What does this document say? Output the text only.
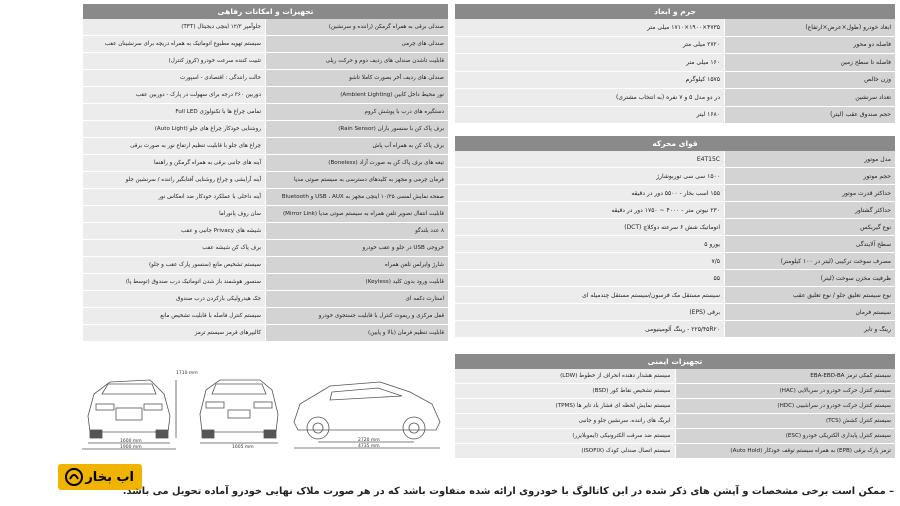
جرم و ابعاد
ابعاد خودرو (طول×عرض×ارتفاع)
۴۷۳۵×۱۹۰۰×۱۷۱۰ میلی متر
فاصله دو محور
۲۷۲۰ میلی متر
فاصله تا سطح زمین
۱۶۰ میلی متر
وزن خالص
۱۵۷۵ کیلوگرم
تعداد سرنشین
در دو مدل ۵ و ۷ نفره (به انتخاب مشتری)
حجم صندوق عقب (لیتر)
۱۶۸۰ لیتر
قوای محرکه
مدل موتور
E4T15C
حجم موتور
۱۵۰۰ سی سی توربوشارژ
حداکثر قدرت موتور
۱۵۵ اسب بخار - ۵۵۰۰ دور در دقیقه
حداکثر گشتاور
۲۳۰ نیوتن متر - ۴۰۰۰ ~ ۱۷۵۰ دور در دقیقه
نوع گیربکس
اتوماتیک شش ۶ سرعته دوکلاچ (DCT)
سطح آلایندگی
یورو ۵
مصرف سوخت ترکیبی (لیتر در ۱۰۰ کیلومتر)
۷/۵
ظرفیت مخزن سوخت (لیتر)
۵۵
نوع سیستم تعلیق جلو / نوع تعلیق عقب
سیستم مستقل مک فرسون/سیستم مستقل چندمیله ای
سیستم فرمان
برقی (EPS)
رینگ و تایر
۲۲۵/۴۵R۲۰ - رینگ آلومینیومی
تجهیزات ایمنی
سیستم کمکی ترمز EBA-EBD-BA
سیستم هشدار دهنده انحراف از خطوط (LDW)
سیستم کنترل حرکت خودرو در سربالایی (HAC)
سیستم تشخیص نقاط کور (BSD)
سیستم کنترل حرکت خودرو در سراشیبی (HDC)
سیستم نمایش لحظه ای فشار باد تایر ها (TPMS)
سیستم کنترل کشش (TCS)
ایربگ های راننده، سرنشین جلو و جانبی
سیستم کنترل پایداری الکتریکی خودرو (ESC)
سیستم ضد سرقت الکترونیکی (ایموبلایزر)
ترمز پارک برقی (EPB) به همراه سیستم توقف خودکار (Auto Hold)
سیستم اتصال صندلی کودک (ISOFIX)
تجهیزات و امکانات رفاهی
صندلی برقی به همراه گرمکن (راننده و سرنشین)
جلوآمپر ۱۲/۳ اینچی دیجیتال (TFT)
صندلی های چرمی
سیستم تهویه مطبوع اتوماتیک به همراه دریچه برای سرنشینان عقب
قابلیت تاشدن صندلی های ردیف دوم و حرکت ریلی
تثبیت کننده سرعت خودرو (کروز کنترل)
صندلی های ردیف آخر بصورت کاملا تاشو
حالت رانندگی : اقتصادی - اسپورت
نور محیط داخل کابین (Ambient Lighting)
دوربین ۳۶۰ درجه برای سهولت در پارک - دوربین عقب
دستگیره های درب با پوشش کروم
تمامی چراغ ها با تکنولوژی Full LED
برف پاک کن با سنسور باران (Rain Sensor)
روشنایی خودکار چراغ های جلو (Auto Light)
برف پاک کن به همراه آب پاش
چراغ های جلو با قابلیت تنظیم ارتفاع نور به صورت برقی
تیغه های برف پاک کن به صورت آزاد (Boneless)
آینه های جانبی برقی به همراه گرمکن و راهنما
فرمان چرمی و مجهز به کلیدهای دسترسی به سیستم صوتی مدیا
آینه آرایشی و چراغ روشنایی آفتابگیر راننده / سرنشین جلو
صفحه نمایش لمسی ۱۰/۲۵ اینچی مجهز به USB ، AUX و Bluetooth
آینه داخلی با عملکرد خودکار ضد انعکاس نور
قابلیت انتقال تصویر تلفن همراه به سیستم صوتی مدیا (Mirror Link)
سان روف پانوراما
۸ عدد بلندگو
شیشه های Privacy جانبی و عقب
خروجی USB در جلو و عقب خودرو
برف پاک کن شیشه عقب
شارژ وایرلس تلفن همراه
سیستم تشخیص مانع (سنسور پارک عقب و جلو)
قابلیت ورود بدون کلید (Keyless)
سنسور هوشمند باز شدن اتوماتیک درب صندوق (توسط پا)
استارت دکمه ای
جک هیدرولیکی بازکردن درب صندوق
قفل مرکزی و ریموت کنترل با قابلیت جستجوی خودرو
سیستم کنترل فاصله با قابلیت تشخیص مانع
قابلیت تنظیم فرمان (بالا و پایین)
کالیپرهای قرمز سیستم ترمز
1710 mm
1600 mm
1900 mm	1605 mm
2720 mm
4735 mm
اب بخار
– ممکن است برخی مشخصات و آپشن های ذکر شده در این کاتالوگ با خودروی ارائه شده متفاوت باشد که در هر صورت ملاک نهایی خودرو آماده تحویل می باشد.
